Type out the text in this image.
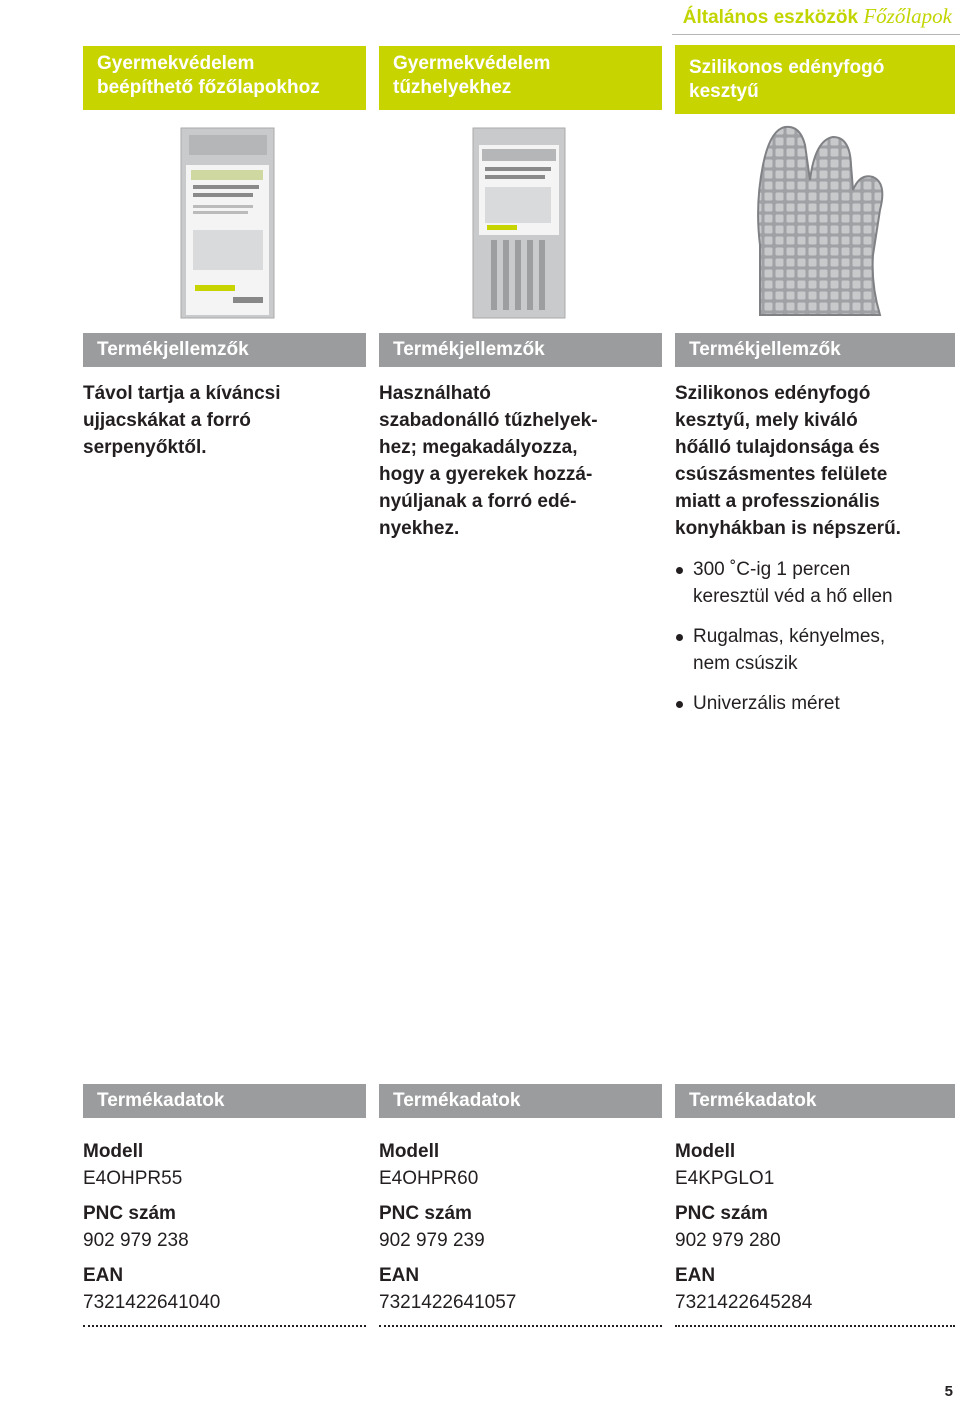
Általános eszközök Főzőlapok
Gyermekvédelem
beépíthető főzőlapokhoz
Termékjellemzők
Távol tartja a kíváncsi
ujjacskákat a forró
serpenyőktől.
Termékadatok
Modell
E4OHPR55
PNC szám
902 979 238
EAN
7321422641040
Gyermekvédelem
tűzhelyekhez
Termékjellemzők
Használható
szabadonálló tűzhelyek-
hez; megakadályozza,
hogy a gyerekek hozzá-
nyúljanak a forró edé-
nyekhez.
Termékadatok
Modell
E4OHPR60
PNC szám
902 979 239
EAN
7321422641057
Szilikonos edényfogó
kesztyű
Termékjellemzők
Szilikonos edényfogó
kesztyű, mely kiváló
hőálló tulajdonsága és
csúszásmentes felülete
miatt a professzionális
konyhákban is népszerű.
300 ˚C-ig 1 percen
keresztül véd a hő ellen
Rugalmas, kényelmes,
nem csúszik
Univerzális méret
Termékadatok
Modell
E4KPGLO1
PNC szám
902 979 280
EAN
7321422645284
5
